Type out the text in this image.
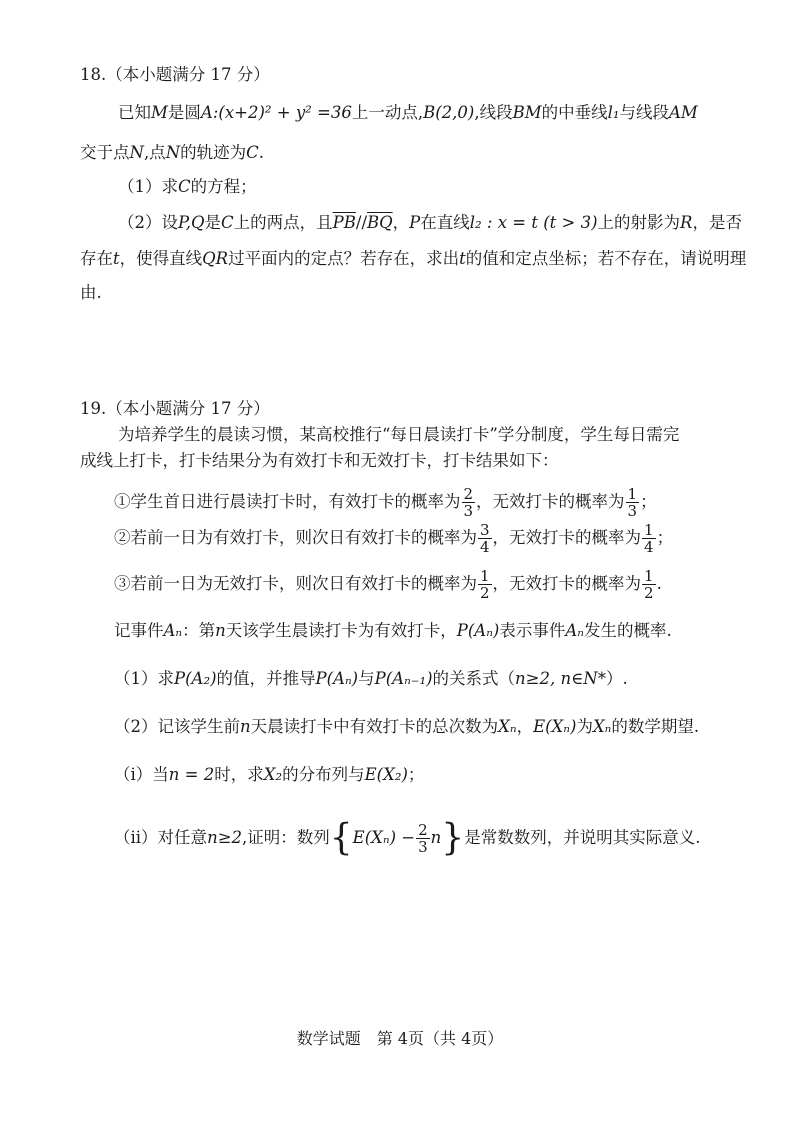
18.（本小题满分 17 分）
已知M是圆A:(x+2)² + y² =36上一动点,B(2,0),线段BM的中垂线l₁与线段AM
交于点N,点N的轨迹为C.
（1）求C的方程；
（2）设P,Q是C上的两点，且$\overline{PB}//\overline{BQ}$，P在直线l₂ : x = t (t > 3)上的射影为R，是否
存在t，使得直线QR过平面内的定点？若存在，求出t的值和定点坐标；若不存在，请说明理
由.
19.（本小题满分 17 分）
为培养学生的晨读习惯，某高校推行“每日晨读打卡”学分制度，学生每日需完
成线上打卡，打卡结果分为有效打卡和无效打卡，打卡结果如下：
①学生首日进行晨读打卡时，有效打卡的概率为 $\frac{2}{3}$ ，无效打卡的概率为 $\frac{1}{3}$ ；
②若前一日为有效打卡，则次日有效打卡的概率为 $\frac{3}{4}$ ，无效打卡的概率为 $\frac{1}{4}$ ；
③若前一日为无效打卡，则次日有效打卡的概率为 $\frac{1}{2}$ ，无效打卡的概率为 $\frac{1}{2}$ .
记事件Aₙ：第n天该学生晨读打卡为有效打卡，P(Aₙ)表示事件Aₙ发生的概率.
（1）求P(A₂)的值，并推导P(Aₙ)与P(Aₙ₋₁)的关系式（n≥2, n∈N*）.
（2）记该学生前n天晨读打卡中有效打卡的总次数为Xₙ，E(Xₙ)为Xₙ的数学期望.
（i）当n = 2时，求X₂的分布列与E(X₂)；
（ii）对任意n≥2,证明：数列$\{E(X_n) - \frac{2}{3} n\}$是常数数列，并说明其实际意义.
数学试题　第 4页（共 4页）
